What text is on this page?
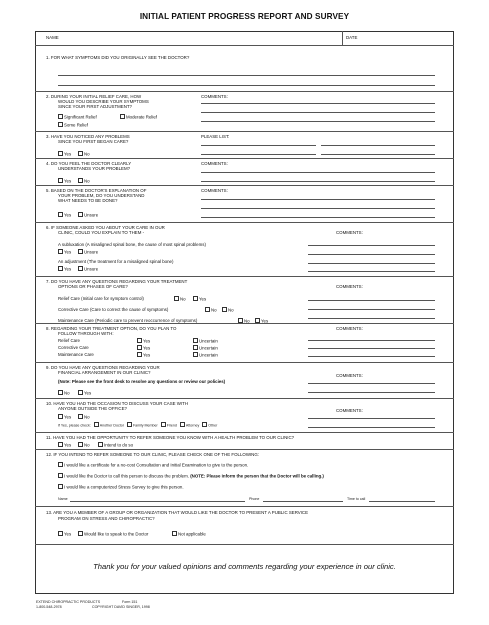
INITIAL PATIENT PROGRESS REPORT AND SURVEY
NAME	DATE
1. FOR WHAT SYMPTOMS DID YOU ORIGINALLY SEE THE DOCTOR?
2. DURING YOUR INITIAL RELIEF CARE, HOW
WOULD YOU DESCRIBE YOUR SYMPTOMS
SINCE YOUR FIRST ADJUSTMENT?
Significant Relief	Moderate Relief
Some Relief
COMMENTS:
3. HAVE YOU NOTICED ANY PROBLEMS
SINCE YOU FIRST BEGAN CARE?
Yes	No
PLEASE LIST:
4. DO YOU FEEL THE DOCTOR CLEARLY
UNDERSTANDS YOUR PROBLEM?
Yes	No
COMMENTS:
5. BASED ON THE DOCTOR'S EXPLANATION OF
YOUR PROBLEM, DO YOU UNDERSTAND
WHAT NEEDS TO BE DONE?
Yes	Unsure
COMMENTS:
6. IF SOMEONE ASKED YOU ABOUT YOUR CARE IN OUR
CLINIC, COULD YOU EXPLAIN TO THEM -	COMMENTS:
A subluxation (A misaligned spinal bone, the cause of most spinal problems)
Yes	Unsure
An adjustment (The treatment for a misaligned spinal bone)
Yes	Unsure
7. DO YOU HAVE ANY QUESTIONS REGARDING YOUR TREATMENT
OPTIONS OR PHASES OF CARE?	COMMENTS:
Relief Care (Initial care for symptom control)	No	Yes
Corrective Care (Care to correct the cause of symptoms)	No	No
Maintenance Care (Periodic care to prevent reoccurrence of symptoms)	No	Yes
8. REGARDING YOUR TREATMENT OPTION, DO YOU PLAN TO
FOLLOW THROUGH WITH:
COMMENTS:
Relief Care	Yes	Uncertain
Corrective Care	Yes	Uncertain
Maintenance Care	Yes	Uncertain
9. DO YOU HAVE ANY QUESTIONS REGARDING YOUR
FINANCIAL ARRANGEMENT IN OUR CLINIC?
COMMENTS:
(Note: Please see the front desk to resolve any questions or review our policies)
No	Yes
10. HAVE YOU HAD THE OCCASION TO DISCUSS YOUR CASE WITH
ANYONE OUTSIDE THE OFFICE?	COMMENTS:
Yes	No
If Yes, please check:	Another Doctor	Family Member	Friend	Attorney	Other
11. HAVE YOU HAD THE OPPORTUNITY TO REFER SOMEONE YOU KNOW WITH A HEALTH PROBLEM TO OUR CLINIC?
Yes	No	Intend to do so
12. IF YOU INTEND TO REFER SOMEONE TO OUR CLINIC, PLEASE CHECK ONE OF THE FOLLOWING:
I would like a certificate for a no-cost Consultation and Initial Examination to give to the person.
I would like the Doctor to call this person to discuss the problem. (NOTE: Please inform the person that the Doctor will be calling.)
I would like a computerized Stress Survey to give this person.
Name	Phone	Time to call
13. ARE YOU A MEMBER OF A GROUP OR ORGANIZATION THAT WOULD LIKE THE DOCTOR TO PRESENT A PUBLIC SERVICE
PROGRAM ON STRESS AND CHIROPRACTIC?
Yes	Would like to speak to the Doctor	Not applicable
Thank you for your valued opinions and comments regarding your experience in our clinic.
EXTEND CHIROPRACTIC PRODUCTS	Form 151
1-800-548-2978	COPYRIGHT DAVID SINGER, 1998
